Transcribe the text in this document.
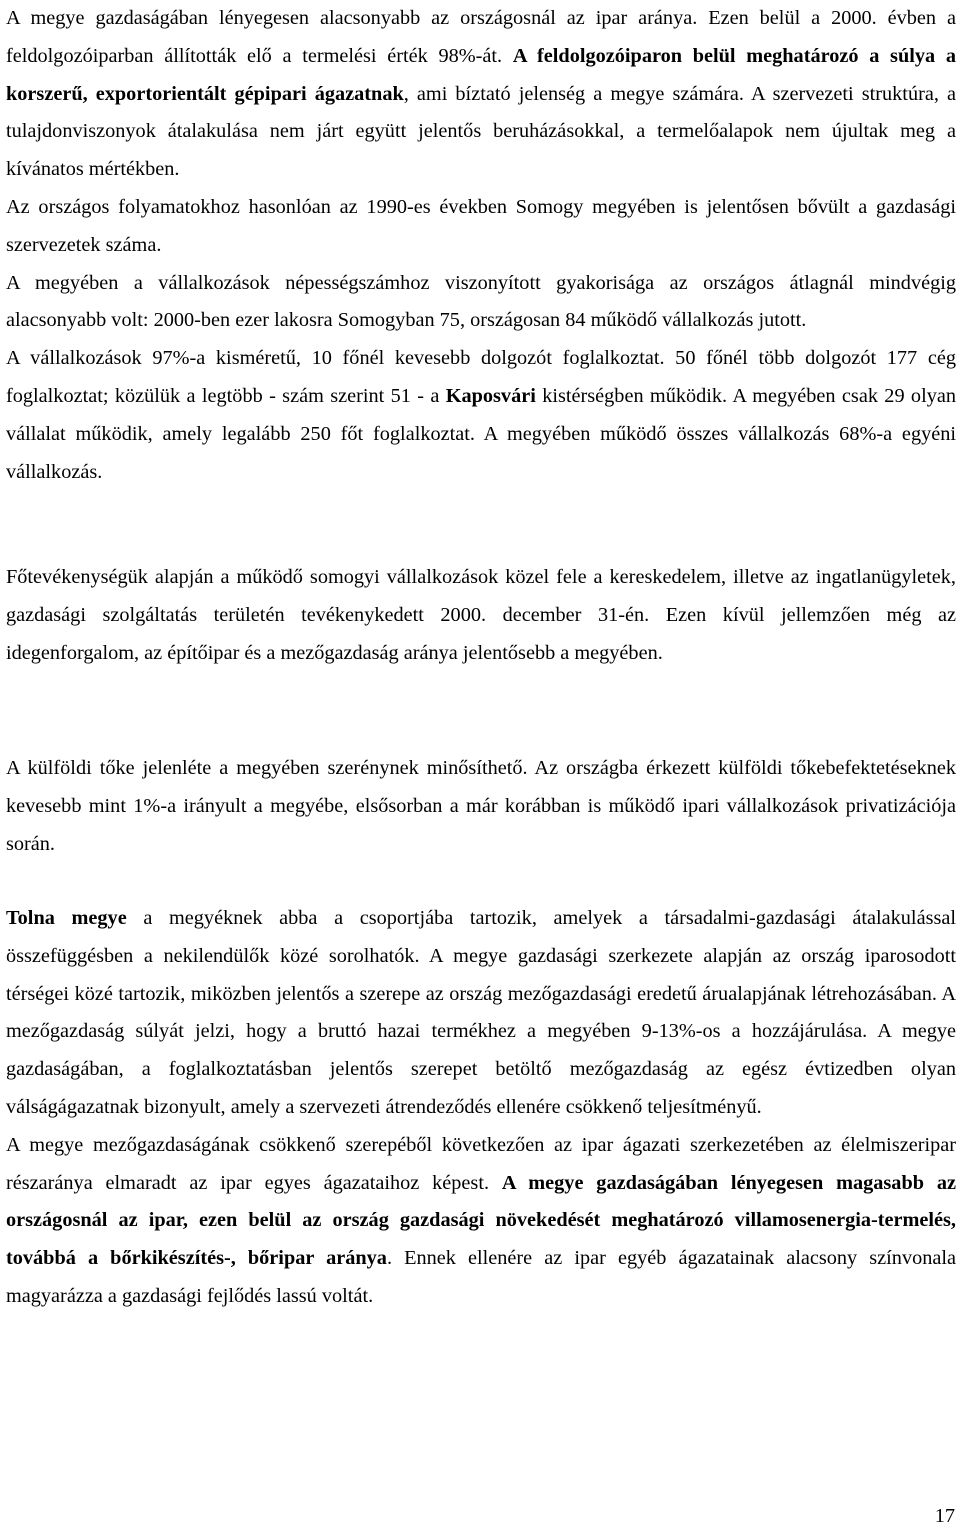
A megye gazdaságában lényegesen alacsonyabb az országosnál az ipar aránya. Ezen belül a 2000. évben a feldolgozóiparban állították elő a termelési érték 98%-át. A feldolgozóiparon belül meghatározó a súlya a korszerű, exportorientált gépipari ágazatnak, ami bíztató jelenség a megye számára. A szervezeti struktúra, a tulajdonviszonyok átalakulása nem járt együtt jelentős beruházásokkal, a termelőalapok nem újultak meg a kívánatos mértékben.

Az országos folyamatokhoz hasonlóan az 1990-es években Somogy megyében is jelentősen bővült a gazdasági szervezetek száma.

A megyében a vállalkozások népességszámhoz viszonyított gyakorisága az országos átlagnál mindvégig alacsonyabb volt: 2000-ben ezer lakosra Somogyban 75, országosan 84 működő vállalkozás jutott.

A vállalkozások 97%-a kisméretű, 10 főnél kevesebb dolgozót foglalkoztat. 50 főnél több dolgozót 177 cég foglalkoztat; közülük a legtöbb - szám szerint 51 - a Kaposvári kistérségben működik. A megyében csak 29 olyan vállalat működik, amely legalább 250 főt foglalkoztat. A megyében működő összes vállalkozás 68%-a egyéni vállalkozás.

Főtevékenységük alapján a működő somogyi vállalkozások közel fele a kereskedelem, illetve az ingatlanügyletek, gazdasági szolgáltatás területén tevékenykedett 2000. december 31-én. Ezen kívül jellemzően még az idegenforgalom, az építőipar és a mezőgazdaság aránya jelentősebb a megyében.

A külföldi tőke jelenléte a megyében szerénynek minősíthető. Az országba érkezett külföldi tőkebefektetéseknek kevesebb mint 1%-a irányult a megyébe, elsősorban a már korábban is működő ipari vállalkozások privatizációja során.

Tolna megye a megyéknek abba a csoportjába tartozik, amelyek a társadalmi-gazdasági átalakulással összefüggésben a nekilendülők közé sorolhatók. A megye gazdasági szerkezete alapján az ország iparosodott térségei közé tartozik, miközben jelentős a szerepe az ország mezőgazdasági eredetű árualapjának létrehozásában. A mezőgazdaság súlyát jelzi, hogy a bruttó hazai termékhez a megyében 9-13%-os a hozzájárulása. A megye gazdaságában, a foglalkoztatásban jelentős szerepet betöltő mezőgazdaság az egész évtizedben olyan válságágazatnak bizonyult, amely a szervezeti átrendeződés ellenére csökkenő teljesítményű.

A megye mezőgazdaságának csökkenő szerepéből következően az ipar ágazati szerkezetében az élelmiszeripar részaránya elmaradt az ipar egyes ágazataihoz képest. A megye gazdaságában lényegesen magasabb az országosnál az ipar, ezen belül az ország gazdasági növekedését meghatározó villamosenergia-termelés, továbbá a bőrkikészítés-, bőripar aránya. Ennek ellenére az ipar egyéb ágazatainak alacsony színvonala magyarázza a gazdasági fejlődés lassú voltát.

17
